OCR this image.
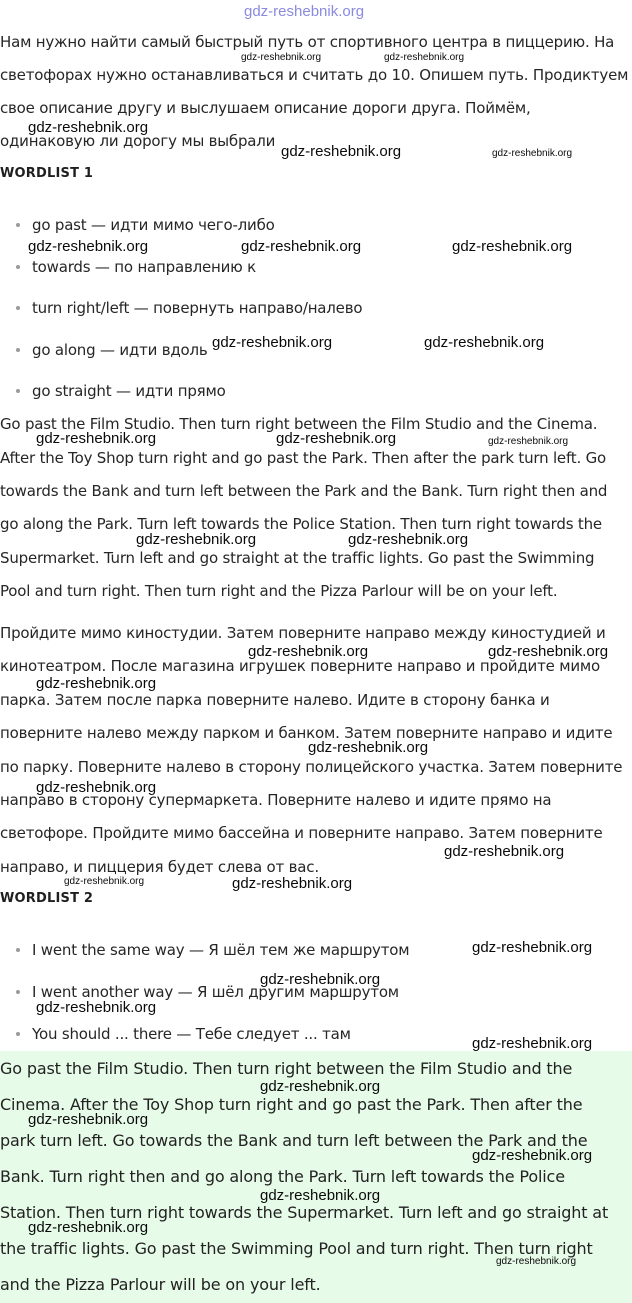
gdz-reshebnik.org
Нам нужно найти самый быстрый путь от спортивного центра в пиццерию. На
светофорах нужно останавливаться и считать до 10. Опишем путь. Продиктуем
свое описание другу и выслушаем описание дороги друга. Поймём,
одинаковую ли дорогу мы выбрали
WORDLIST 1
go past — идти мимо чего-либо
towards — по направлению к
turn right/left — повернуть направо/налево
go along — идти вдоль
go straight — идти прямо
Go past the Film Studio. Then turn right between the Film Studio and the Cinema.
After the Toy Shop turn right and go past the Park. Then after the park turn left. Go
towards the Bank and turn left between the Park and the Bank. Turn right then and
go along the Park. Turn left towards the Police Station. Then turn right towards the
Supermarket. Turn left and go straight at the traffic lights. Go past the Swimming
Pool and turn right. Then turn right and the Pizza Parlour will be on your left.
Пройдите мимо киностудии. Затем поверните направо между киностудией и
кинотеатром. После магазина игрушек поверните направо и пройдите мимо
парка. Затем после парка поверните налево. Идите в сторону банка и
поверните налево между парком и банком. Затем поверните направо и идите
по парку. Поверните налево в сторону полицейского участка. Затем поверните
направо в сторону супермаркета. Поверните налево и идите прямо на
светофоре. Пройдите мимо бассейна и поверните направо. Затем поверните
направо, и пиццерия будет слева от вас.
WORDLIST 2
I went the same way — Я шёл тем же маршрутом
I went another way — Я шёл другим маршрутом
You should ... there — Тебе следует ... там
Go past the Film Studio. Then turn right between the Film Studio and the
Cinema. After the Toy Shop turn right and go past the Park. Then after the
park turn left. Go towards the Bank and turn left between the Park and the
Bank. Turn right then and go along the Park. Turn left towards the Police
Station. Then turn right towards the Supermarket. Turn left and go straight at
the traffic lights. Go past the Swimming Pool and turn right. Then turn right
and the Pizza Parlour will be on your left.
gdz-reshebnik.org	gdz-reshebnik.org
gdz-reshebnik.org
gdz-reshebnik.org	gdz-reshebnik.org
gdz-reshebnik.org	gdz-reshebnik.org	gdz-reshebnik.org
gdz-reshebnik.org	gdz-reshebnik.org
gdz-reshebnik.org	gdz-reshebnik.org	gdz-reshebnik.org
gdz-reshebnik.org	gdz-reshebnik.org
gdz-reshebnik.org	gdz-reshebnik.org
gdz-reshebnik.org
gdz-reshebnik.org
gdz-reshebnik.org
gdz-reshebnik.org
gdz-reshebnik.org	gdz-reshebnik.org
gdz-reshebnik.org
gdz-reshebnik.org
gdz-reshebnik.org
gdz-reshebnik.org
gdz-reshebnik.org
gdz-reshebnik.org
gdz-reshebnik.org
gdz-reshebnik.org
gdz-reshebnik.org
gdz-reshebnik.org
